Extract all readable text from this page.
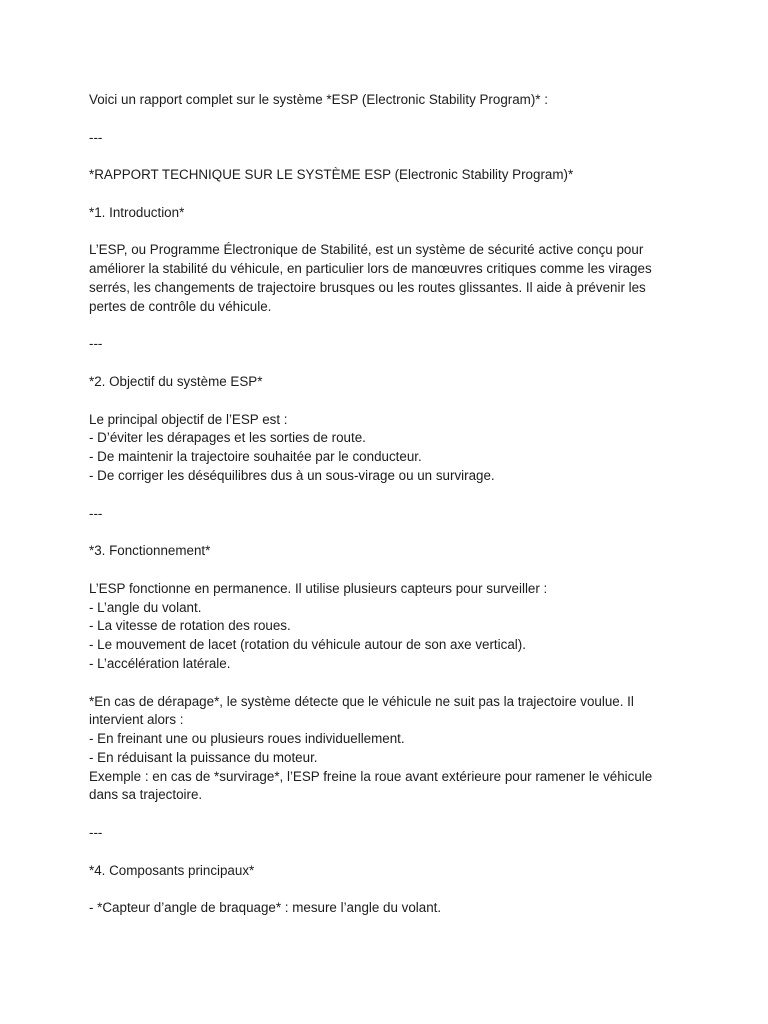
Voici un rapport complet sur le système *ESP (Electronic Stability Program)* :
---
*RAPPORT TECHNIQUE SUR LE SYSTÈME ESP (Electronic Stability Program)*
*1. Introduction*
L’ESP, ou Programme Électronique de Stabilité, est un système de sécurité active conçu pour
améliorer la stabilité du véhicule, en particulier lors de manœuvres critiques comme les virages
serrés, les changements de trajectoire brusques ou les routes glissantes. Il aide à prévenir les
pertes de contrôle du véhicule.
---
*2. Objectif du système ESP*
Le principal objectif de l’ESP est :
- D’éviter les dérapages et les sorties de route.
- De maintenir la trajectoire souhaitée par le conducteur.
- De corriger les déséquilibres dus à un sous-virage ou un survirage.
---
*3. Fonctionnement*
L’ESP fonctionne en permanence. Il utilise plusieurs capteurs pour surveiller :
- L’angle du volant.
- La vitesse de rotation des roues.
- Le mouvement de lacet (rotation du véhicule autour de son axe vertical).
- L’accélération latérale.
*En cas de dérapage*, le système détecte que le véhicule ne suit pas la trajectoire voulue. Il
intervient alors :
- En freinant une ou plusieurs roues individuellement.
- En réduisant la puissance du moteur.
Exemple : en cas de *survirage*, l’ESP freine la roue avant extérieure pour ramener le véhicule
dans sa trajectoire.
---
*4. Composants principaux*
- *Capteur d’angle de braquage* : mesure l’angle du volant.
